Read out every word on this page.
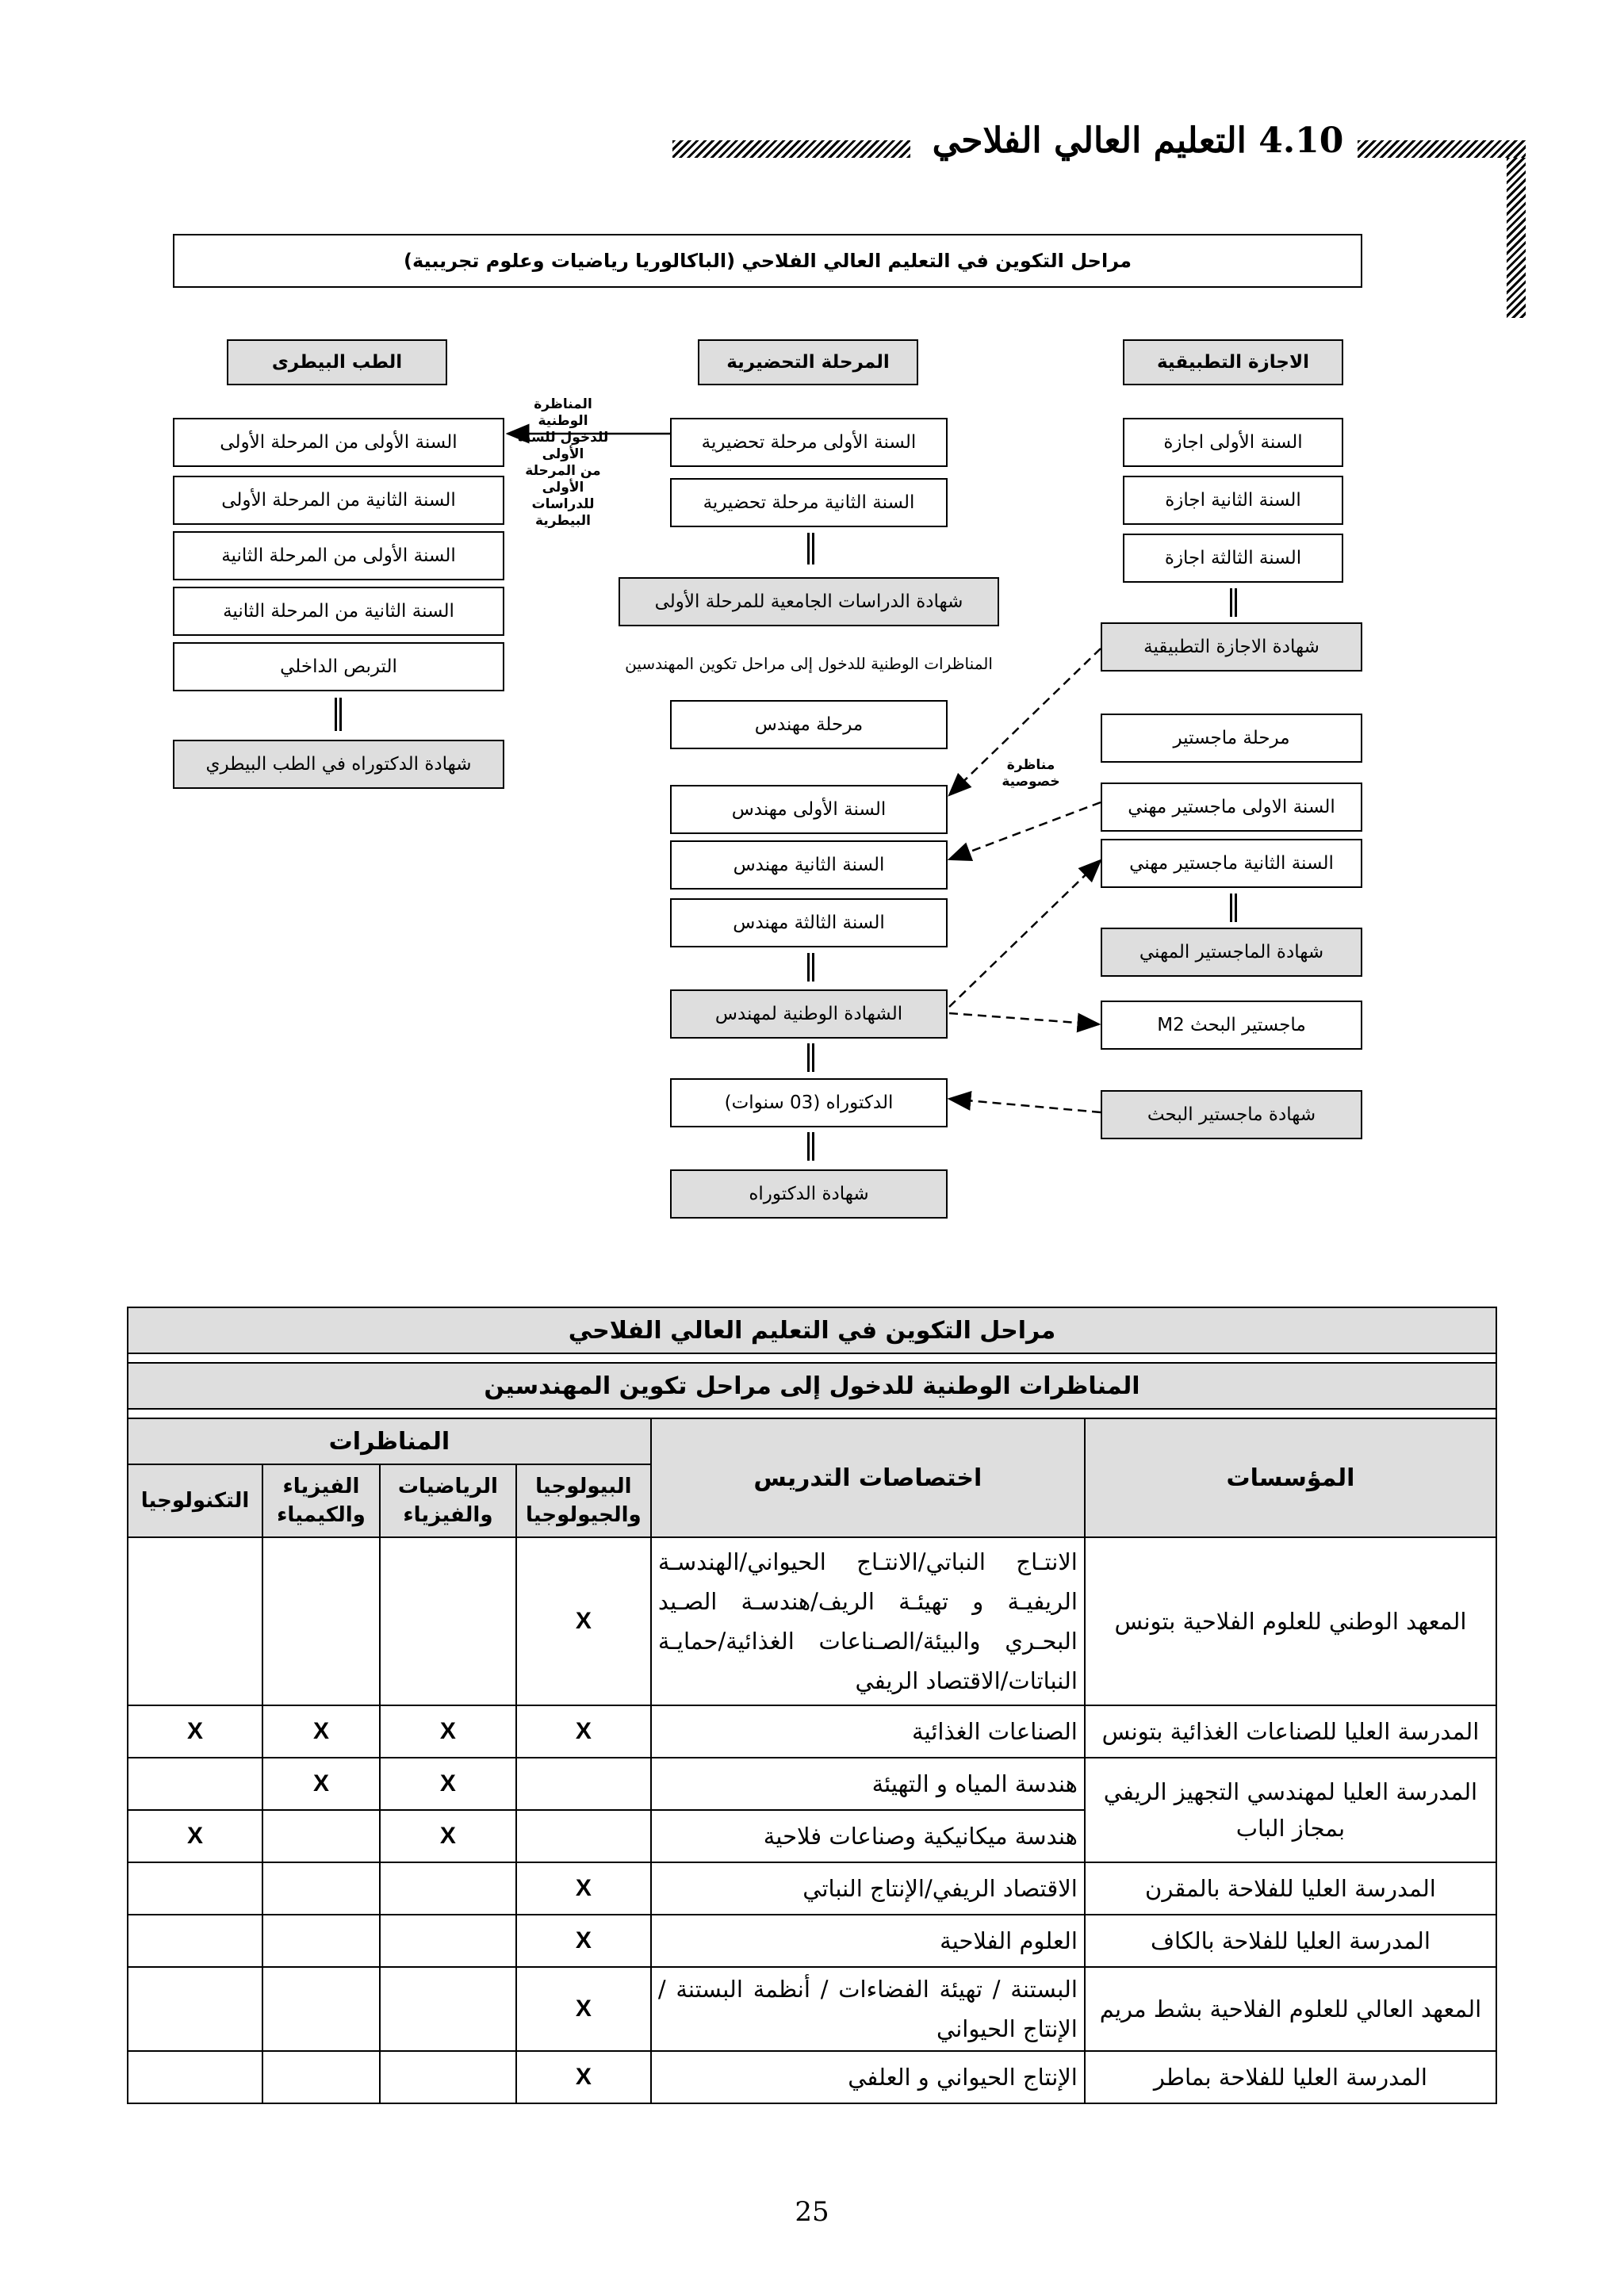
4.10 التعليم العالي الفلاحي
مراحل التكوين في التعليم العالي الفلاحي (الباكالوريا رياضيات وعلوم تجريبية)
الطب البيطرى	المرحلة التحضيرية	الاجازة التطبيقية
السنة الأولى من المرحلة الأولى
السنة الثانية من المرحلة الأولى
السنة الأولى من المرحلة الثانية
السنة الثانية من المرحلة الثانية
التربص الداخلي
شهادة الدكتوراه في الطب البيطري
المناظرة الوطنية
للدخول للسنة الأولى
من المرحلة الأولى
للدراسات البيطرية
السنة الأولى مرحلة تحضيرية
السنة الثانية مرحلة تحضيرية
شهادة الدراسات الجامعية للمرحلة الأولى
المناظرات الوطنية للدخول إلى مراحل تكوين المهندسين
مرحلة مهندس
السنة الأولى مهندس
السنة الثانية مهندس
السنة الثالثة مهندس
الشهادة الوطنية لمهندس
الدكتوراه (03 سنوات)
شهادة الدكتوراه
السنة الأولى اجازة
السنة الثانية اجازة
السنة الثالثة اجازة
شهادة الاجازة التطبيقية
مرحلة ماجستير
السنة الاولى ماجستير مهني
السنة الثانية ماجستير مهني
شهادة الماجستير المهني
ماجستير البحث M2
شهادة ماجستير البحث
مناظرة
خصوصية
مراحل التكوين في التعليم العالي الفلاحي					

المناظرات الوطنية للدخول إلى مراحل تكوين المهندسين					

المؤسسات	اختصاصات التدريس	المناظرات			
		البيولوجيا والجيولوجيا	الرياضيات والفيزياء	الفيزياء والكيمياء	التكنولوجيا
المعهد الوطني للعلوم الفلاحية بتونس	الانتـاج النباتي/الانتـاج الحيواني/الهندسـة الريفيـة و تهيئـة الريف/هندسـة الصـيد البحـري والبيئة/الصـناعات الغذائية/حمايـة النباتات/الاقتصاد الريفي	X			
المدرسة العليا للصناعات الغذائية بتونس	الصناعات الغذائية	X	X	X	X
المدرسة العليا لمهندسي التجهيز الريفي بمجاز الباب	هندسة المياه و التهيئة		X	X	
	هندسة ميكانيكية وصناعات فلاحية		X		X
المدرسة العليا للفلاحة بالمقرن	الاقتصاد الريفي/الإنتاج النباتي	X			
المدرسة العليا للفلاحة بالكاف	العلوم الفلاحية	X			
المعهد العالي للعلوم الفلاحية بشط مريم	البستنة / تهيئة الفضاءات / أنظمة البستنة / الإنتاج الحيواني	X			
المدرسة العليا للفلاحة بماطر	الإنتاج الحيواني و العلفي	X			
25
